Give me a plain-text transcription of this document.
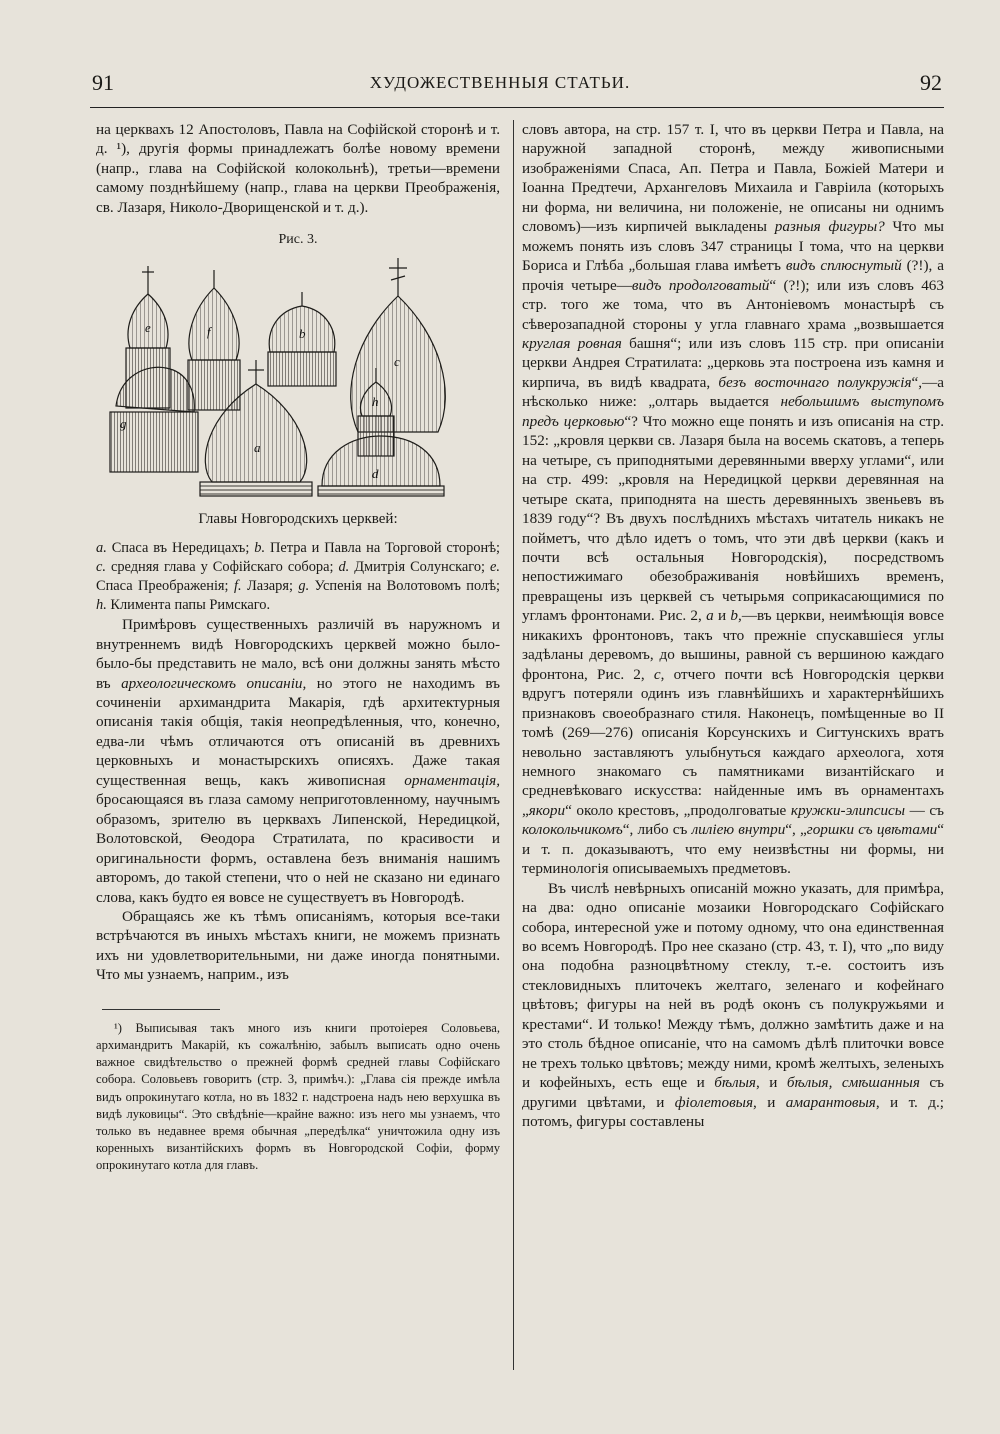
91	ХУДОЖЕСТВЕННЫЯ СТАТЬИ.	92

на церквахъ 12 Апостоловъ, Павла на Софійской сторонѣ и т. д. ¹), другія формы принадлежатъ болѣе новому времени (напр., глава на Софійской колокольнѣ), третьи—времени самому позднѣйшему (напр., глава на церкви Преображенія, св. Лазаря, Николо-Дворищенской и т. д.).

Рис. 3.
e	f	b
c
g
a
h
d
Главы Новгородскихъ церквей:

a. Спаса въ Нередицахъ; b. Петра и Павла на Торговой сторонѣ; c. средняя глава у Софійскаго собора; d. Дмитрія Солунскаго; e. Спаса Преображенія; f. Лазаря; g. Успенія на Волотовомъ полѣ; h. Климента папы Римскаго.

Примѣровъ существенныхъ различій въ наружномъ и внутреннемъ видѣ Новгородскихъ церквей можно было-было-бы представить не мало, всѣ они должны занять мѣсто въ археологическомъ описаніи, но этого не находимъ въ сочиненіи архимандрита Макарія, гдѣ архитектурныя описанія такія общія, такія неопредѣленныя, что, конечно, едва-ли чѣмъ отличаются отъ описаній въ древнихъ церковныхъ и монастырскихъ описяхъ. Даже такая существенная вещь, какъ живописная орнаментація, бросающаяся въ глаза самому неприготовленному, научнымъ образомъ, зрителю въ церквахъ Липенской, Нередицкой, Волотовской, Ѳеодора Стратилата, по красивости и оригинальности формъ, оставлена безъ вниманія нашимъ авторомъ, до такой степени, что о ней не сказано ни единаго слова, какъ будто ея вовсе не существуетъ въ Новгородѣ.

Обращаясь же къ тѣмъ описаніямъ, которыя все-таки встрѣчаются въ иныхъ мѣстахъ книги, не можемъ признать ихъ ни удовлетворительными, ни даже иногда понятными. Что мы узнаемъ, наприм., изъ

¹) Выписывая такъ много изъ книги протоіерея Соловьева, архимандритъ Макарій, къ сожалѣнію, забылъ выписать одно очень важное свидѣтельство о прежней формѣ средней главы Софійскаго собора. Соловьевъ говоритъ (стр. 3, примѣч.): „Глава сія прежде имѣла видъ опрокинутаго котла, но въ 1832 г. надстроена надъ нею верхушка въ видѣ луковицы“. Это свѣдѣніе—крайне важно: изъ него мы узнаемъ, что только въ недавнее время обычная „передѣлка“ уничтожила одну изъ коренныхъ византійскихъ формъ въ Новгородской Софіи, форму опрокинутаго котла для главъ.

словъ автора, на стр. 157 т. I, что въ церкви Петра и Павла, на наружной западной сторонѣ, между живописными изображеніями Спаса, Ап. Петра и Павла, Божіей Матери и Іоанна Предтечи, Архангеловъ Михаила и Гавріила (которыхъ ни форма, ни величина, ни положеніе, не описаны ни однимъ словомъ)—изъ кирпичей выкладены разныя фигуры? Что мы можемъ понять изъ словъ 347 страницы I тома, что на церкви Бориса и Глѣба „большая глава имѣетъ видъ сплюснутый (?!), а прочія четыре—видъ продолговатый“ (?!); или изъ словъ 463 стр. того же тома, что въ Антоніевомъ монастырѣ съ сѣверозападной стороны у угла главнаго храма „возвышается круглая ровная башня“; или изъ словъ 115 стр. при описаніи церкви Андрея Стратилата: „церковь эта построена изъ камня и кирпича, въ видѣ квадрата, безъ восточнаго полукружія“,—а нѣсколько ниже: „олтарь выдается небольшимъ выступомъ предъ церковью“? Что можно еще понять и изъ описанія на стр. 152: „кровля церкви св. Лазаря была на восемь скатовъ, а теперь на четыре, съ приподнятыми деревянными вверху углами“, или на стр. 499: „кровля на Нередицкой церкви деревянная на четыре ската, приподнята на шесть деревянныхъ звеньевъ въ 1839 году“? Въ двухъ послѣднихъ мѣстахъ читатель никакъ не пойметъ, что дѣло идетъ о томъ, что эти двѣ церкви (какъ и почти всѣ остальныя Новгородскія), посредствомъ непостижимаго обезображиванія новѣйшихъ временъ, превращены изъ церквей съ четырьмя соприкасающимися по угламъ фронтонами. Рис. 2, a и b,—въ церкви, неимѣющія вовсе никакихъ фронтоновъ, такъ что прежніе спускавшіеся углы задѣланы деревомъ, до вышины, равной съ вершиною каждаго фронтона, Рис. 2, c, отчего почти всѣ Новгородскія церкви вдругъ потеряли одинъ изъ главнѣйшихъ и характернѣйшихъ признаковъ своеобразнаго стиля. Наконецъ, помѣщенные во II томѣ (269—276) описанія Корсунскихъ и Сигтунскихъ вратъ невольно заставляютъ улыбнуться каждаго археолога, хотя немного знакомаго съ памятниками византійскаго и средневѣковаго искусства: найденные имъ въ орнаментахъ „якори“ около крестовъ, „продолговатые кружки-элипсисы — съ колокольчикомъ“, либо съ лиліею внутри“, „горшки съ цвѣтами“ и т. п. доказываютъ, что ему неизвѣстны ни формы, ни терминологія описываемыхъ предметовъ.

Въ числѣ невѣрныхъ описаній можно указать, для примѣра, на два: одно описаніе мозаики Новгородскаго Софійскаго собора, интересной уже и потому одному, что она единственная во всемъ Новгородѣ. Про нее сказано (стр. 43, т. I), что „по виду она подобна разноцвѣтному стеклу, т.-е. состоитъ изъ стекловидныхъ плиточекъ желтаго, зеленаго и кофейнаго цвѣтовъ; фигуры на ней въ родѣ оконъ съ полукружьями и крестами“. И только! Между тѣмъ, должно замѣтить даже и на это столь бѣдное описаніе, что на самомъ дѣлѣ плиточки вовсе не трехъ только цвѣтовъ; между ними, кромѣ желтыхъ, зеленыхъ и кофейныхъ, есть еще и бѣлыя, и бѣлыя, смѣшанныя съ другими цвѣтами, и фіолетовыя, и амарантовыя, и т. д.; потомъ, фигуры составлены
